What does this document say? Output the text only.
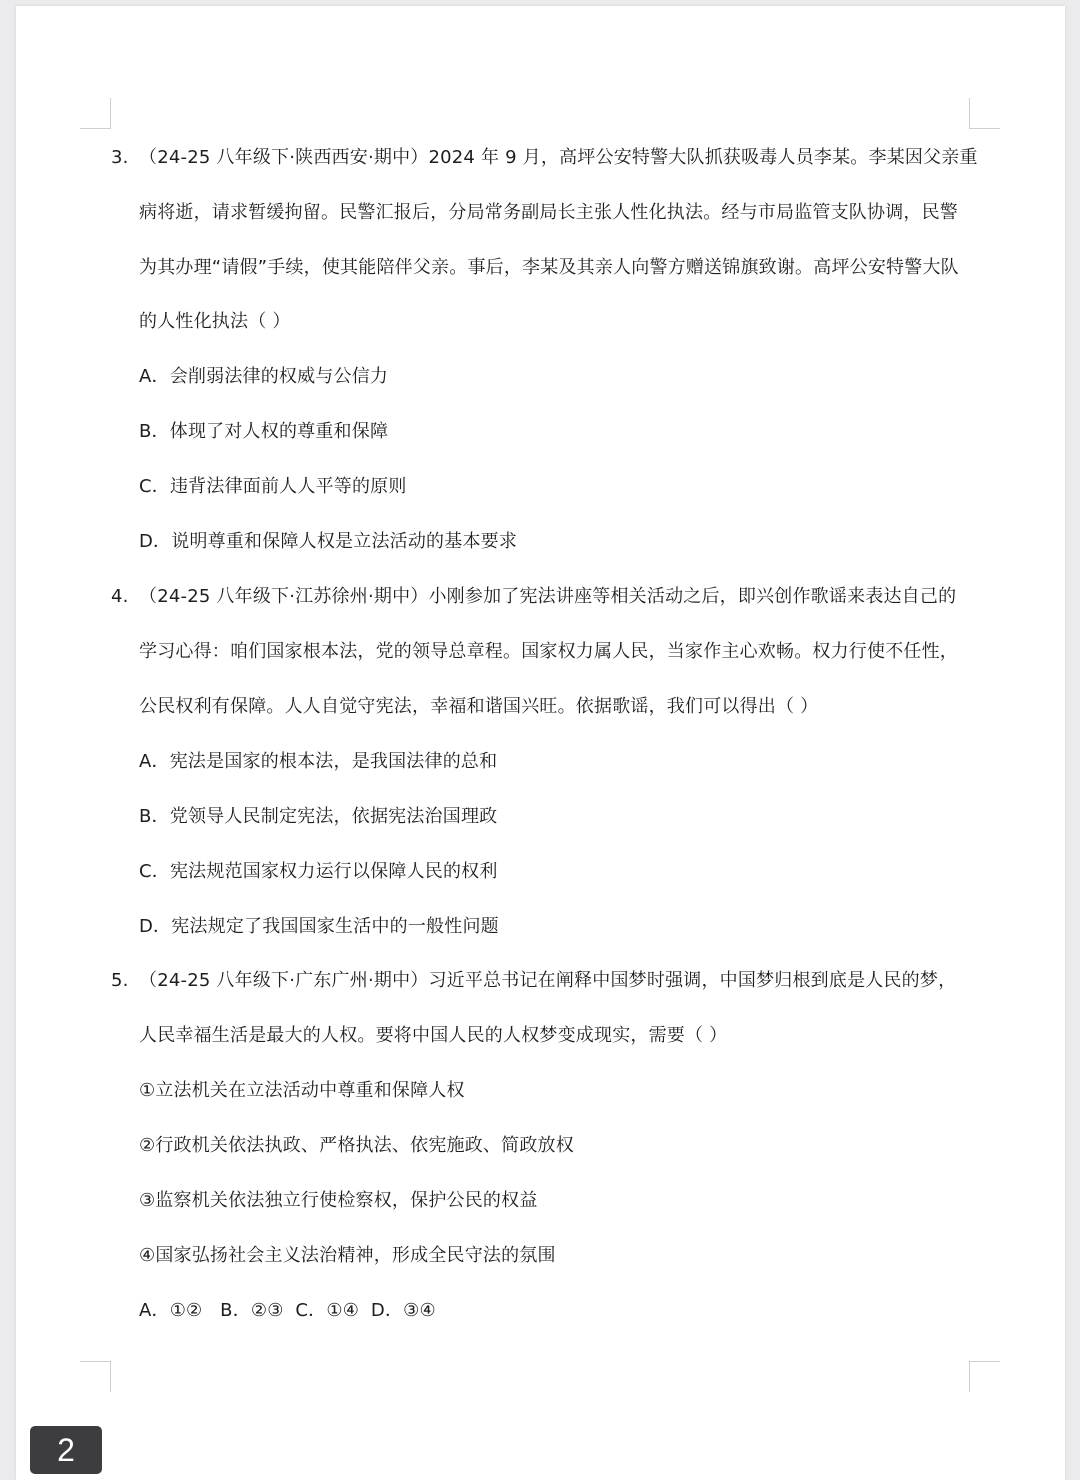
3. （24-25 八年级下·陕西西安·期中）2024 年 9 月，高坪公安特警大队抓获吸毒人员李某。李某因父亲重
病将逝，请求暂缓拘留。民警汇报后，分局常务副局长主张人性化执法。经与市局监管支队协调，民警
为其办理“请假”手续，使其能陪伴父亲。事后，李某及其亲人向警方赠送锦旗致谢。高坪公安特警大队
的人性化执法（ ）
A．会削弱法律的权威与公信力
B．体现了对人权的尊重和保障
C．违背法律面前人人平等的原则
D．说明尊重和保障人权是立法活动的基本要求
4. （24-25 八年级下·江苏徐州·期中）小刚参加了宪法讲座等相关活动之后，即兴创作歌谣来表达自己的
学习心得：咱们国家根本法，党的领导总章程。国家权力属人民，当家作主心欢畅。权力行使不任性，
公民权利有保障。人人自觉守宪法，幸福和谐国兴旺。依据歌谣，我们可以得出（ ）
A．宪法是国家的根本法，是我国法律的总和
B．党领导人民制定宪法，依据宪法治国理政
C．宪法规范国家权力运行以保障人民的权利
D．宪法规定了我国国家生活中的一般性问题
5. （24-25 八年级下·广东广州·期中）习近平总书记在阐释中国梦时强调，中国梦归根到底是人民的梦，
人民幸福生活是最大的人权。要将中国人民的人权梦变成现实，需要（ ）
①立法机关在立法活动中尊重和保障人权
②行政机关依法执政、严格执法、依宪施政、简政放权
③监察机关依法独立行使检察权，保护公民的权益
④国家弘扬社会主义法治精神，形成全民守法的氛围
A．①②   B．②③  C．①④  D．③④
2
